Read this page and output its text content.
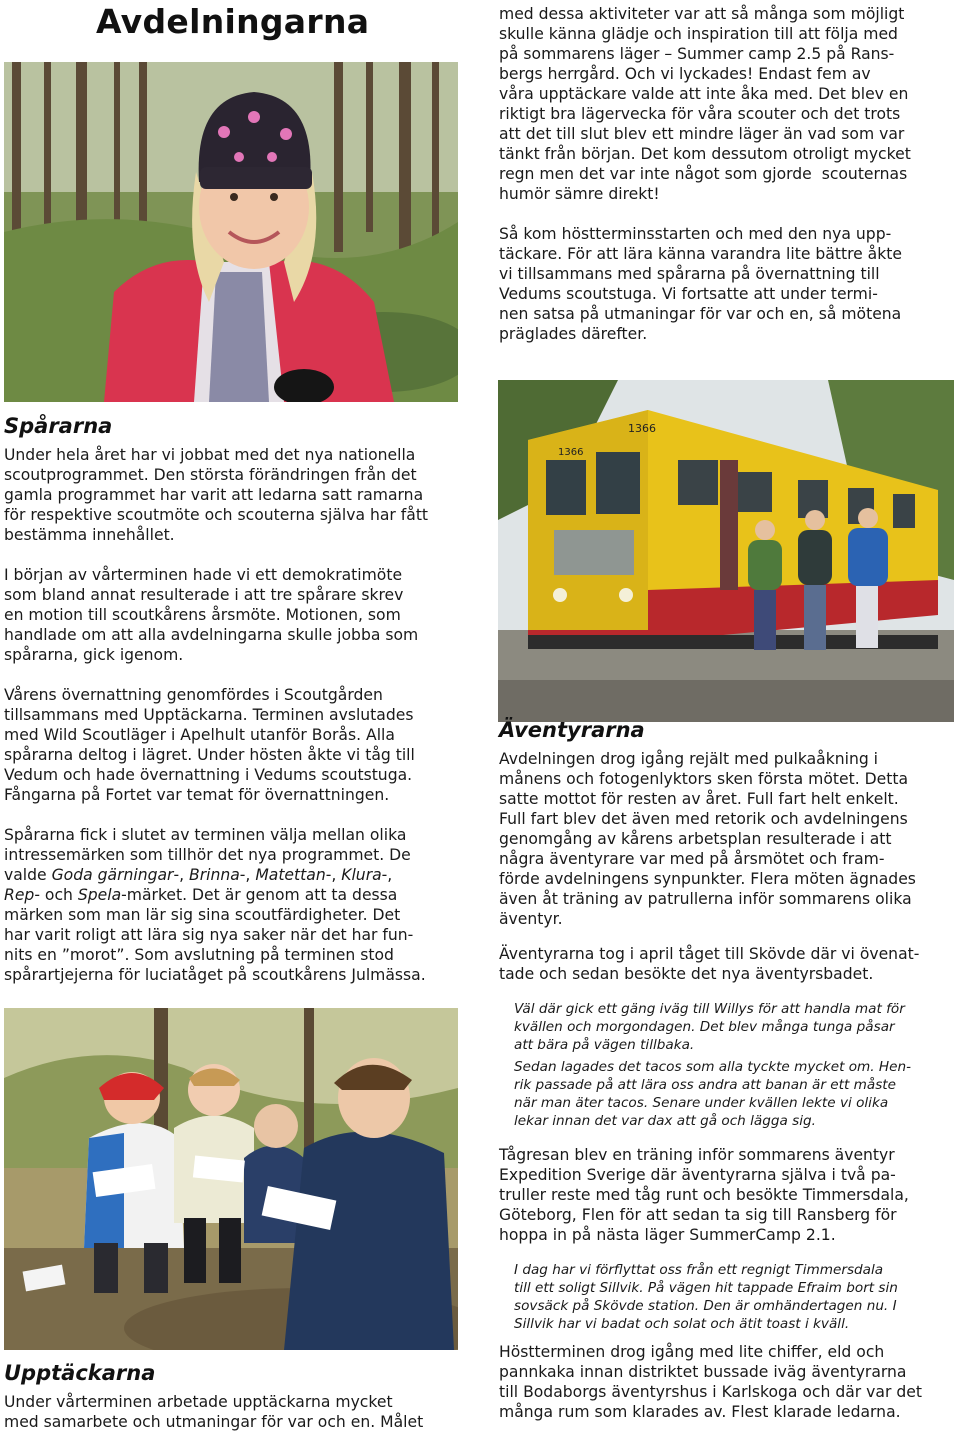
Avdelningarna	med dessa aktiviteter var att så många som möjligt
skulle känna glädje och inspiration till att följa med
på sommarens läger – Summer camp 2.5 på Rans-
bergs herrgård. Och vi lyckades! Endast fem av
våra upptäckare valde att inte åka med. Det blev en
riktigt bra lägervecka för våra scouter och det trots
att det till slut blev ett mindre läger än vad som var
tänkt från början. Det kom dessutom otroligt mycket
regn men det var inte något som gjorde  scouternas
humör sämre direkt!
Så kom höstterminsstarten och med den nya upp-
täckare. För att lära känna varandra lite bättre åkte
vi tillsammans med spårarna på övernattning till
Vedums scoutstuga. Vi fortsatte att under termi-
nen satsa på utmaningar för var och en, så mötena
präglades därefter.
1366
1366
Spårarna
Under hela året har vi jobbat med det nya nationella
scoutprogrammet. Den största förändringen från det
gamla programmet har varit att ledarna satt ramarna
för respektive scoutmöte och scouterna själva har fått
bestämma innehållet.
I början av vårterminen hade vi ett demokratimöte
som bland annat resulterade i att tre spårare skrev
en motion till scoutkårens årsmöte. Motionen, som
handlade om att alla avdelningarna skulle jobba som
spårarna, gick igenom.
Vårens övernattning genomfördes i Scoutgården
tillsammans med Upptäckarna. Terminen avslutades
med Wild Scoutläger i Apelhult utanför Borås. Alla
spårarna deltog i lägret. Under hösten åkte vi tåg till
Vedum och hade övernattning i Vedums scoutstuga.
Fångarna på Fortet var temat för övernattningen.
Spårarna fick i slutet av terminen välja mellan olika
intressemärken som tillhör det nya programmet. De
valde Goda gärningar-, Brinna-, Matettan-, Klura-,
Rep- och Spela-märket. Det är genom att ta dessa
märken som man lär sig sina scoutfärdigheter. Det
har varit roligt att lära sig nya saker när det har fun-
nits en ”morot”. Som avslutning på terminen stod
spårartjejerna för luciatåget på scoutkårens Julmässa.
Upptäckarna
Under vårterminen arbetade upptäckarna mycket
med samarbete och utmaningar för var och en. Målet
Äventyrarna
Avdelningen drog igång rejält med pulkaåkning i
månens och fotogenlyktors sken första mötet. Detta
satte mottot för resten av året. Full fart helt enkelt.
Full fart blev det även med retorik och avdelningens
genomgång av kårens arbetsplan resulterade i att
några äventyrare var med på årsmötet och fram-
förde avdelningens synpunkter. Flera möten ägnades
även åt träning av patrullerna inför sommarens olika
äventyr.
Äventyrarna tog i april tåget till Skövde där vi övenat-
tade och sedan besökte det nya äventyrsbadet.
Väl där gick ett gäng iväg till Willys för att handla mat för
kvällen och morgondagen. Det blev många tunga påsar
att bära på vägen tillbaka.
Sedan lagades det tacos som alla tyckte mycket om. Hen-
rik passade på att lära oss andra att banan är ett måste
när man äter tacos. Senare under kvällen lekte vi olika
lekar innan det var dax att gå och lägga sig.
Tågresan blev en träning inför sommarens äventyr
Expedition Sverige där äventyrarna själva i två pa-
truller reste med tåg runt och besökte Timmersdala,
Göteborg, Flen för att sedan ta sig till Ransberg för
hoppa in på nästa läger SummerCamp 2.1.
I dag har vi förflyttat oss från ett regnigt Timmersdala
till ett soligt Sillvik. På vägen hit tappade Efraim bort sin
sovsäck på Skövde station. Den är omhändertagen nu. I
Sillvik har vi badat och solat och ätit toast i kväll.
Höstterminen drog igång med lite chiffer, eld och
pannkaka innan distriktet bussade iväg äventyrarna
till Bodaborgs äventyrshus i Karlskoga och där var det
många rum som klarades av. Flest klarade ledarna.
